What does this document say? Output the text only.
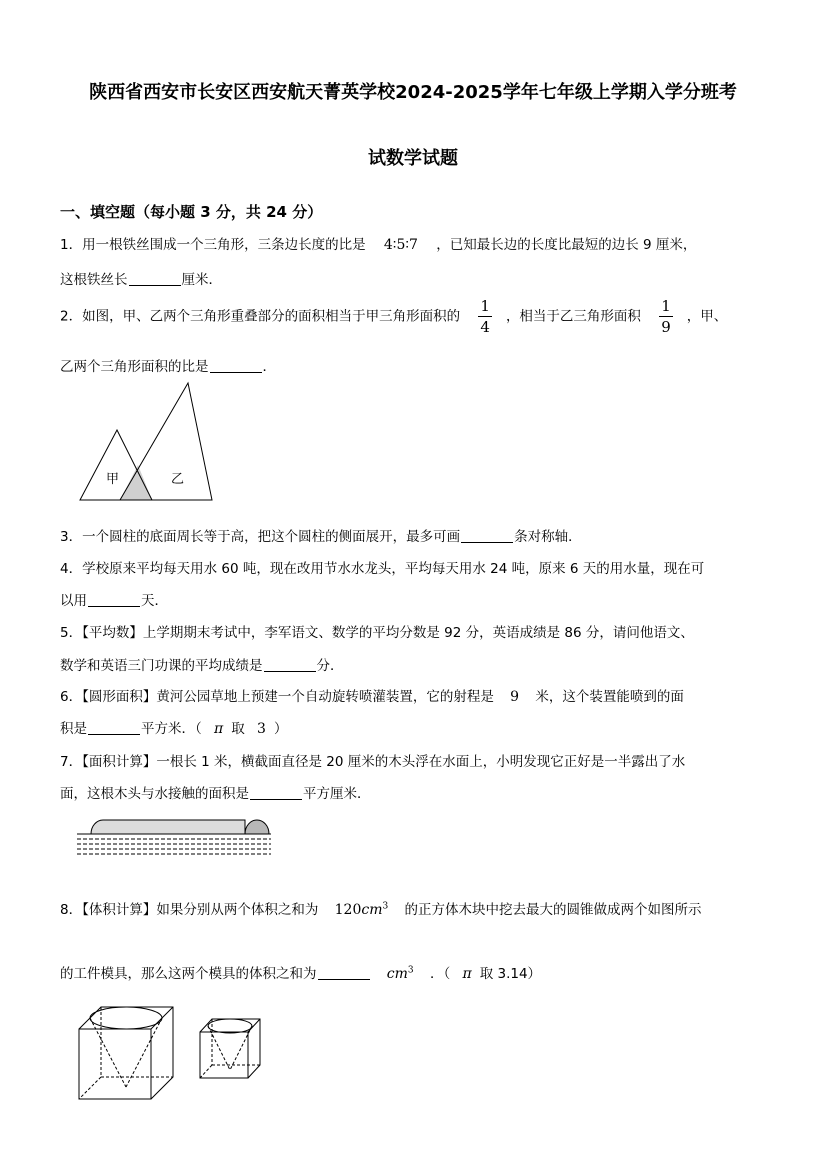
陕西省西安市长安区西安航天菁英学校2024-2025学年七年级上学期入学分班考
试数学试题
一、填空题（每小题 3 分，共 24 分）
1．用一根铁丝围成一个三角形，三条边长度的比是 4∶5∶7 ，已知最长边的长度比最短的边长 9 厘米，
这根铁丝长	厘米．
2．如图，甲、乙两个三角形重叠部分的面积相当于甲三角形面积的 $\frac{1}{4}$ ，相当于乙三角形面积 $\frac{1}{9}$ ，甲、
乙两个三角形面积的比是	．
甲	乙
3．一个圆柱的底面周长等于高，把这个圆柱的侧面展开，最多可画	条对称轴．
4．学校原来平均每天用水 60 吨，现在改用节水水龙头，平均每天用水 24 吨，原来 6 天的用水量，现在可
以用	天．
5．【平均数】上学期期末考试中，李军语文、数学的平均分数是 92 分，英语成绩是 86 分，请问他语文、
数学和英语三门功课的平均成绩是	分．
6．【圆形面积】黄河公园草地上预建一个自动旋转喷灌装置，它的射程是 9 米，这个装置能喷到的面
积是	平方米．（ π 取 3 ）
7．【面积计算】一根长 1 米，横截面直径是 20 厘米的木头浮在水面上，小明发现它正好是一半露出了水
面，这根木头与水接触的面积是	平方厘米．
8．【体积计算】如果分别从两个体积之和为 $120cm^3$ 的正方体木块中挖去最大的圆锥做成两个如图所示
的工件模具，那么这两个模具的体积之和为	$cm^3$ ．（ π 取 3.14）
